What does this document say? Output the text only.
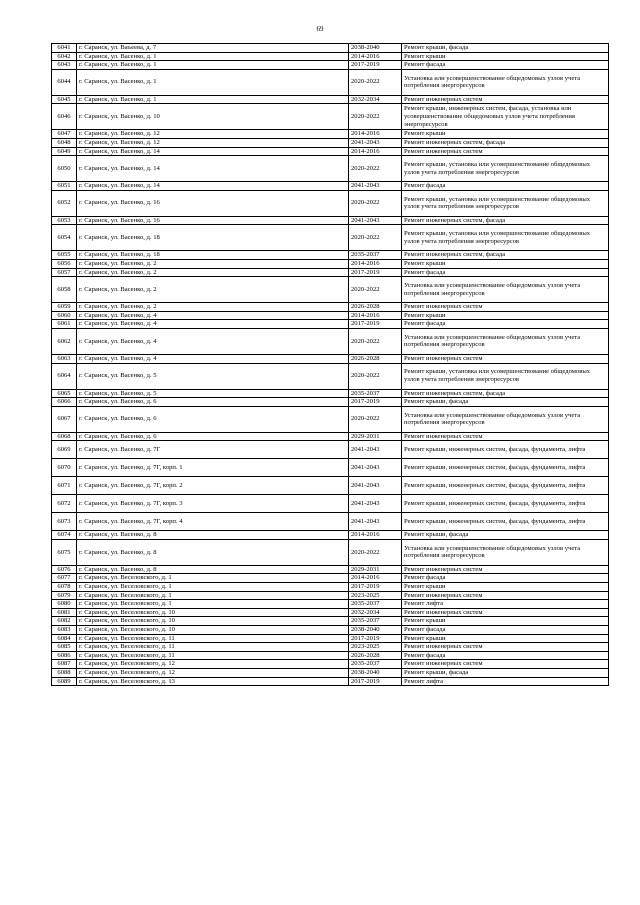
69
6041	г. Саранск, ул. Ваъеева, д. 7	2038-2040	Ремонт крыши, фасада
6042	г. Саранск, ул. Васенко, д. 1	2014-2016	Ремонт крыши
6043	г. Саранск, ул. Васенко, д. 1	2017-2019	Ремонт фасада
6044	г. Саранск, ул. Васенко, д. 1	2020-2022	Установка или усовершенствование общедомовых узлов учета потребления энергоресурсов
6045	г. Саранск, ул. Васенко, д. 1	2032-2034	Ремонт инженерных систем
6046	г. Саранск, ул. Васенко, д. 10	2020-2022	Ремонт крыши, инженерных систем, фасада, установка или усовершенствование общедомовых узлов учета потребления энергоресурсов
6047	г. Саранск, ул. Васенко, д. 12	2014-2016	Ремонт крыши
6048	г. Саранск, ул. Васенко, д. 12	2041-2043	Ремонт инженерных систем, фасада
6049	г. Саранск, ул. Васенко, д. 14	2014-2016	Ремонт инженерных систем
6050	г. Саранск, ул. Васенко, д. 14	2020-2022	Ремонт крыши, установка или усовершенствование общедомовых узлов учета потребления энергоресурсов
6051	г. Саранск, ул. Васенко, д. 14	2041-2043	Ремонт фасада
6052	г. Саранск, ул. Васенко, д. 16	2020-2022	Ремонт крыши, установка или усовершенствование общедомовых узлов учета потребления энергоресурсов
6053	г. Саранск, ул. Васенко, д. 16	2041-2043	Ремонт инженерных систем, фасада
6054	г. Саранск, ул. Васенко, д. 18	2020-2022	Ремонт крыши, установка или усовершенствование общедомовых узлов учета потребления энергоресурсов
6055	г. Саранск, ул. Васенко, д. 18	2035-2037	Ремонт инженерных систем, фасада
6056	г. Саранск, ул. Васенко, д. 2	2014-2016	Ремонт крыши
6057	г. Саранск, ул. Васенко, д. 2	2017-2019	Ремонт фасада
6058	г. Саранск, ул. Васенко, д. 2	2020-2022	Установка или усовершенствование общедомовых узлов учета потребления энергоресурсов
6059	г. Саранск, ул. Васенко, д. 2	2026-2028	Ремонт инженерных систем
6060	г. Саранск, ул. Васенко, д. 4	2014-2016	Ремонт крыши
6061	г. Саранск, ул. Васенко, д. 4	2017-2019	Ремонт фасада
6062	г. Саранск, ул. Васенко, д. 4	2020-2022	Установка или усовершенствование общедомовых узлов учета потребления энергоресурсов
6063	г. Саранск, ул. Васенко, д. 4	2026-2028	Ремонт инженерных систем
6064	г. Саранск, ул. Васенко, д. 5	2020-2022	Ремонт крыши, установка или усовершенствование общедомовых узлов учета потребления энергоресурсов
6065	г. Саранск, ул. Васенко, д. 5	2035-2037	Ремонт инженерных систем, фасада
6066	г. Саранск, ул. Васенко, д. 6	2017-2019	Ремонт крыши, фасада
6067	г. Саранск, ул. Васенко, д. 6	2020-2022	Установка или усовершенствование общедомовых узлов учета потребления энергоресурсов
6068	г. Саранск, ул. Васенко, д. 6	2029-2031	Ремонт инженерных систем
6069	г. Саранск, ул. Васенко, д. 7Г	2041-2043	Ремонт крыши, инженерных систем, фасада, фундамента, лифта
6070	г. Саранск, ул. Васенко, д. 7Г, корп. 1	2041-2043	Ремонт крыши, инженерных систем, фасада, фундамента, лифта
6071	г. Саранск, ул. Васенко, д. 7Г, корп. 2	2041-2043	Ремонт крыши, инженерных систем, фасада, фундамента, лифта
6072	г. Саранск, ул. Васенко, д. 7Г, корп. 3	2041-2043	Ремонт крыши, инженерных систем, фасада, фундамента, лифта
6073	г. Саранск, ул. Васенко, д. 7Г, корп. 4	2041-2043	Ремонт крыши, инженерных систем, фасада, фундамента, лифта
6074	г. Саранск, ул. Васенко, д. 8	2014-2016	Ремонт крыши, фасада
6075	г. Саранск, ул. Васенко, д. 8	2020-2022	Установка или усовершенствование общедомовых узлов учета потребления энергоресурсов
6076	г. Саранск, ул. Васенко, д. 8	2029-2031	Ремонт инженерных систем
6077	г. Саранск, ул. Веселовского, д. 1	2014-2016	Ремонт фасада
6078	г. Саранск, ул. Веселовского, д. 1	2017-2019	Ремонт крыши
6079	г. Саранск, ул. Веселовского, д. 1	2023-2025	Ремонт инженерных систем
6080	г. Саранск, ул. Веселовского, д. 1	2035-2037	Ремонт лифта
6081	г. Саранск, ул. Веселовского, д. 10	2032-2034	Ремонт инженерных систем
6082	г. Саранск, ул. Веселовского, д. 10	2035-2037	Ремонт крыши
6083	г. Саранск, ул. Веселовского, д. 10	2038-2040	Ремонт фасада
6084	г. Саранск, ул. Веселовского, д. 11	2017-2019	Ремонт крыши
6085	г. Саранск, ул. Веселовского, д. 11	2023-2025	Ремонт инженерных систем
6086	г. Саранск, ул. Веселовского, д. 11	2026-2028	Ремонт фасада
6087	г. Саранск, ул. Веселовского, д. 12	2035-2037	Ремонт инженерных систем
6088	г. Саранск, ул. Веселовского, д. 12	2038-2040	Ремонт крыши, фасада
6089	г. Саранск, ул. Веселовского, д. 13	2017-2019	Ремонт лифта
